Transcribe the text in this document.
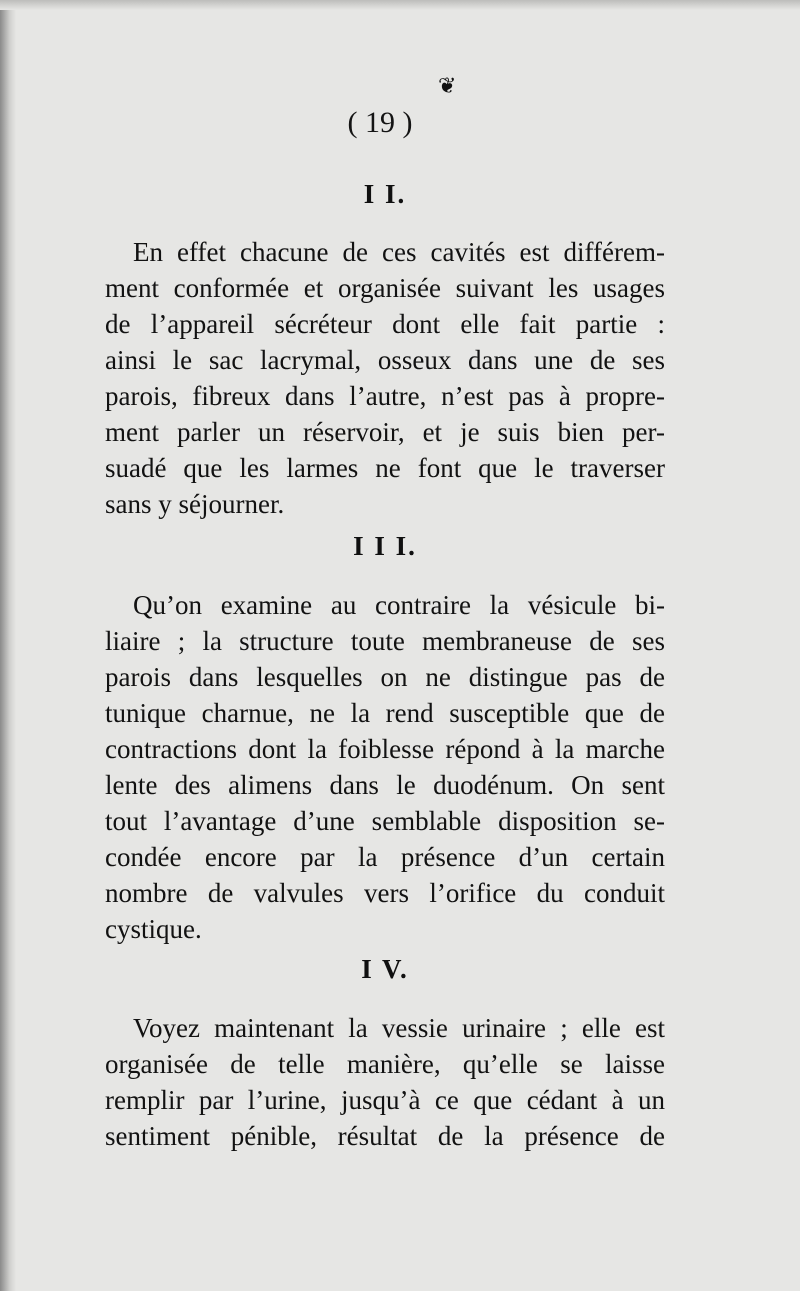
❦
( 19 )
I I.
En effet chacune de ces cavités est différem-
ment conformée et organisée suivant les usages
de l’appareil sécréteur dont elle fait partie :
ainsi le sac lacrymal, osseux dans une de ses
parois, fibreux dans l’autre, n’est pas à propre-
ment parler un réservoir, et je suis bien per-
suadé que les larmes ne font que le traverser
sans y séjourner.
I I I.
Qu’on examine au contraire la vésicule bi-
liaire ; la structure toute membraneuse de ses
parois dans lesquelles on ne distingue pas de
tunique charnue, ne la rend susceptible que de
contractions dont la foiblesse répond à la marche
lente des alimens dans le duodénum. On sent
tout l’avantage d’une semblable disposition se-
condée encore par la présence d’un certain
nombre de valvules vers l’orifice du conduit
cystique.
I V.
Voyez maintenant la vessie urinaire ; elle est
organisée de telle manière, qu’elle se laisse
remplir par l’urine, jusqu’à ce que cédant à un
sentiment pénible, résultat de la présence de
